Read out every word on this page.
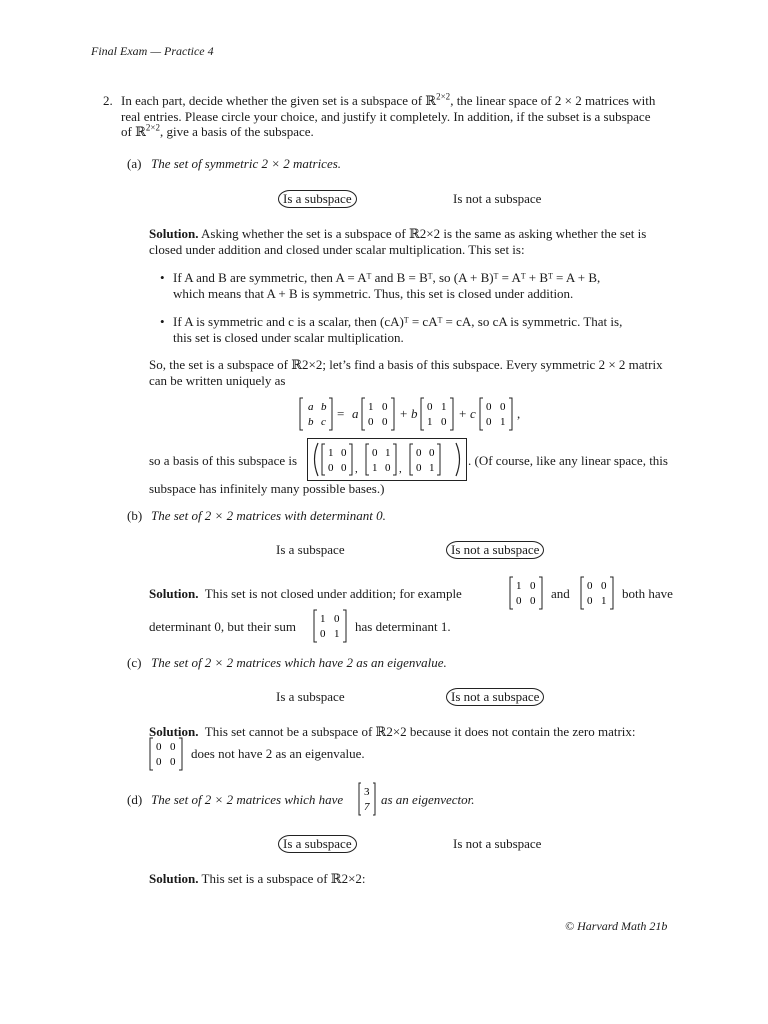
Final Exam — Practice 4
2. In each part, decide whether the given set is a subspace of ℝ$^{2\times 2}$, the linear space of 2 × 2 matrices with
real entries. Please circle your choice, and justify it completely. In addition, if the subset is a subspace
of ℝ$^{2\times 2}$, give a basis of the subspace.
(a) The set of symmetric 2 × 2 matrices.
Is a subspace	Is not a subspace
Solution. Asking whether the set is a subspace of ℝ2×2 is the same as asking whether the set is
closed under addition and closed under scalar multiplication. This set is:
• If A and B are symmetric, then A = Aᵀ and B = Bᵀ, so (A + B)ᵀ = Aᵀ + Bᵀ = A + B,
which means that A + B is symmetric. Thus, this set is closed under addition.
• If A is symmetric and c is a scalar, then (cA)ᵀ = cAᵀ = cA, so cA is symmetric. That is,
this set is closed under scalar multiplication.
So, the set is a subspace of ℝ2×2; let’s find a basis of this subspace. Every symmetric 2 × 2 matrix
can be written uniquely as
a b
b c
= a 1 0
0 0
+ b 0 1
1 0
+ c 0 0
0 1
,
so a basis of this subspace is	1 0
0 0 ,
0 1
1 0 ,
0 0
0 1	. (Of course, like any linear space, this
subspace has infinitely many possible bases.)
(b) The set of 2 × 2 matrices with determinant 0.
Is a subspace	Is not a subspace
Solution. This set is not closed under addition; for example	1 0
0 0 and 0 0
0 1 both have
determinant 0, but their sum 1 0
0 1 has determinant 1.
(c) The set of 2 × 2 matrices which have 2 as an eigenvalue.
Is a subspace	Is not a subspace
Solution. This set cannot be a subspace of ℝ2×2 because it does not contain the zero matrix:
0 0
0 0
does not have 2 as an eigenvalue.
(d) The set of 2 × 2 matrices which have 3
7 as an eigenvector.
Is a subspace	Is not a subspace
Solution. This set is a subspace of ℝ2×2:
© Harvard Math 21b
